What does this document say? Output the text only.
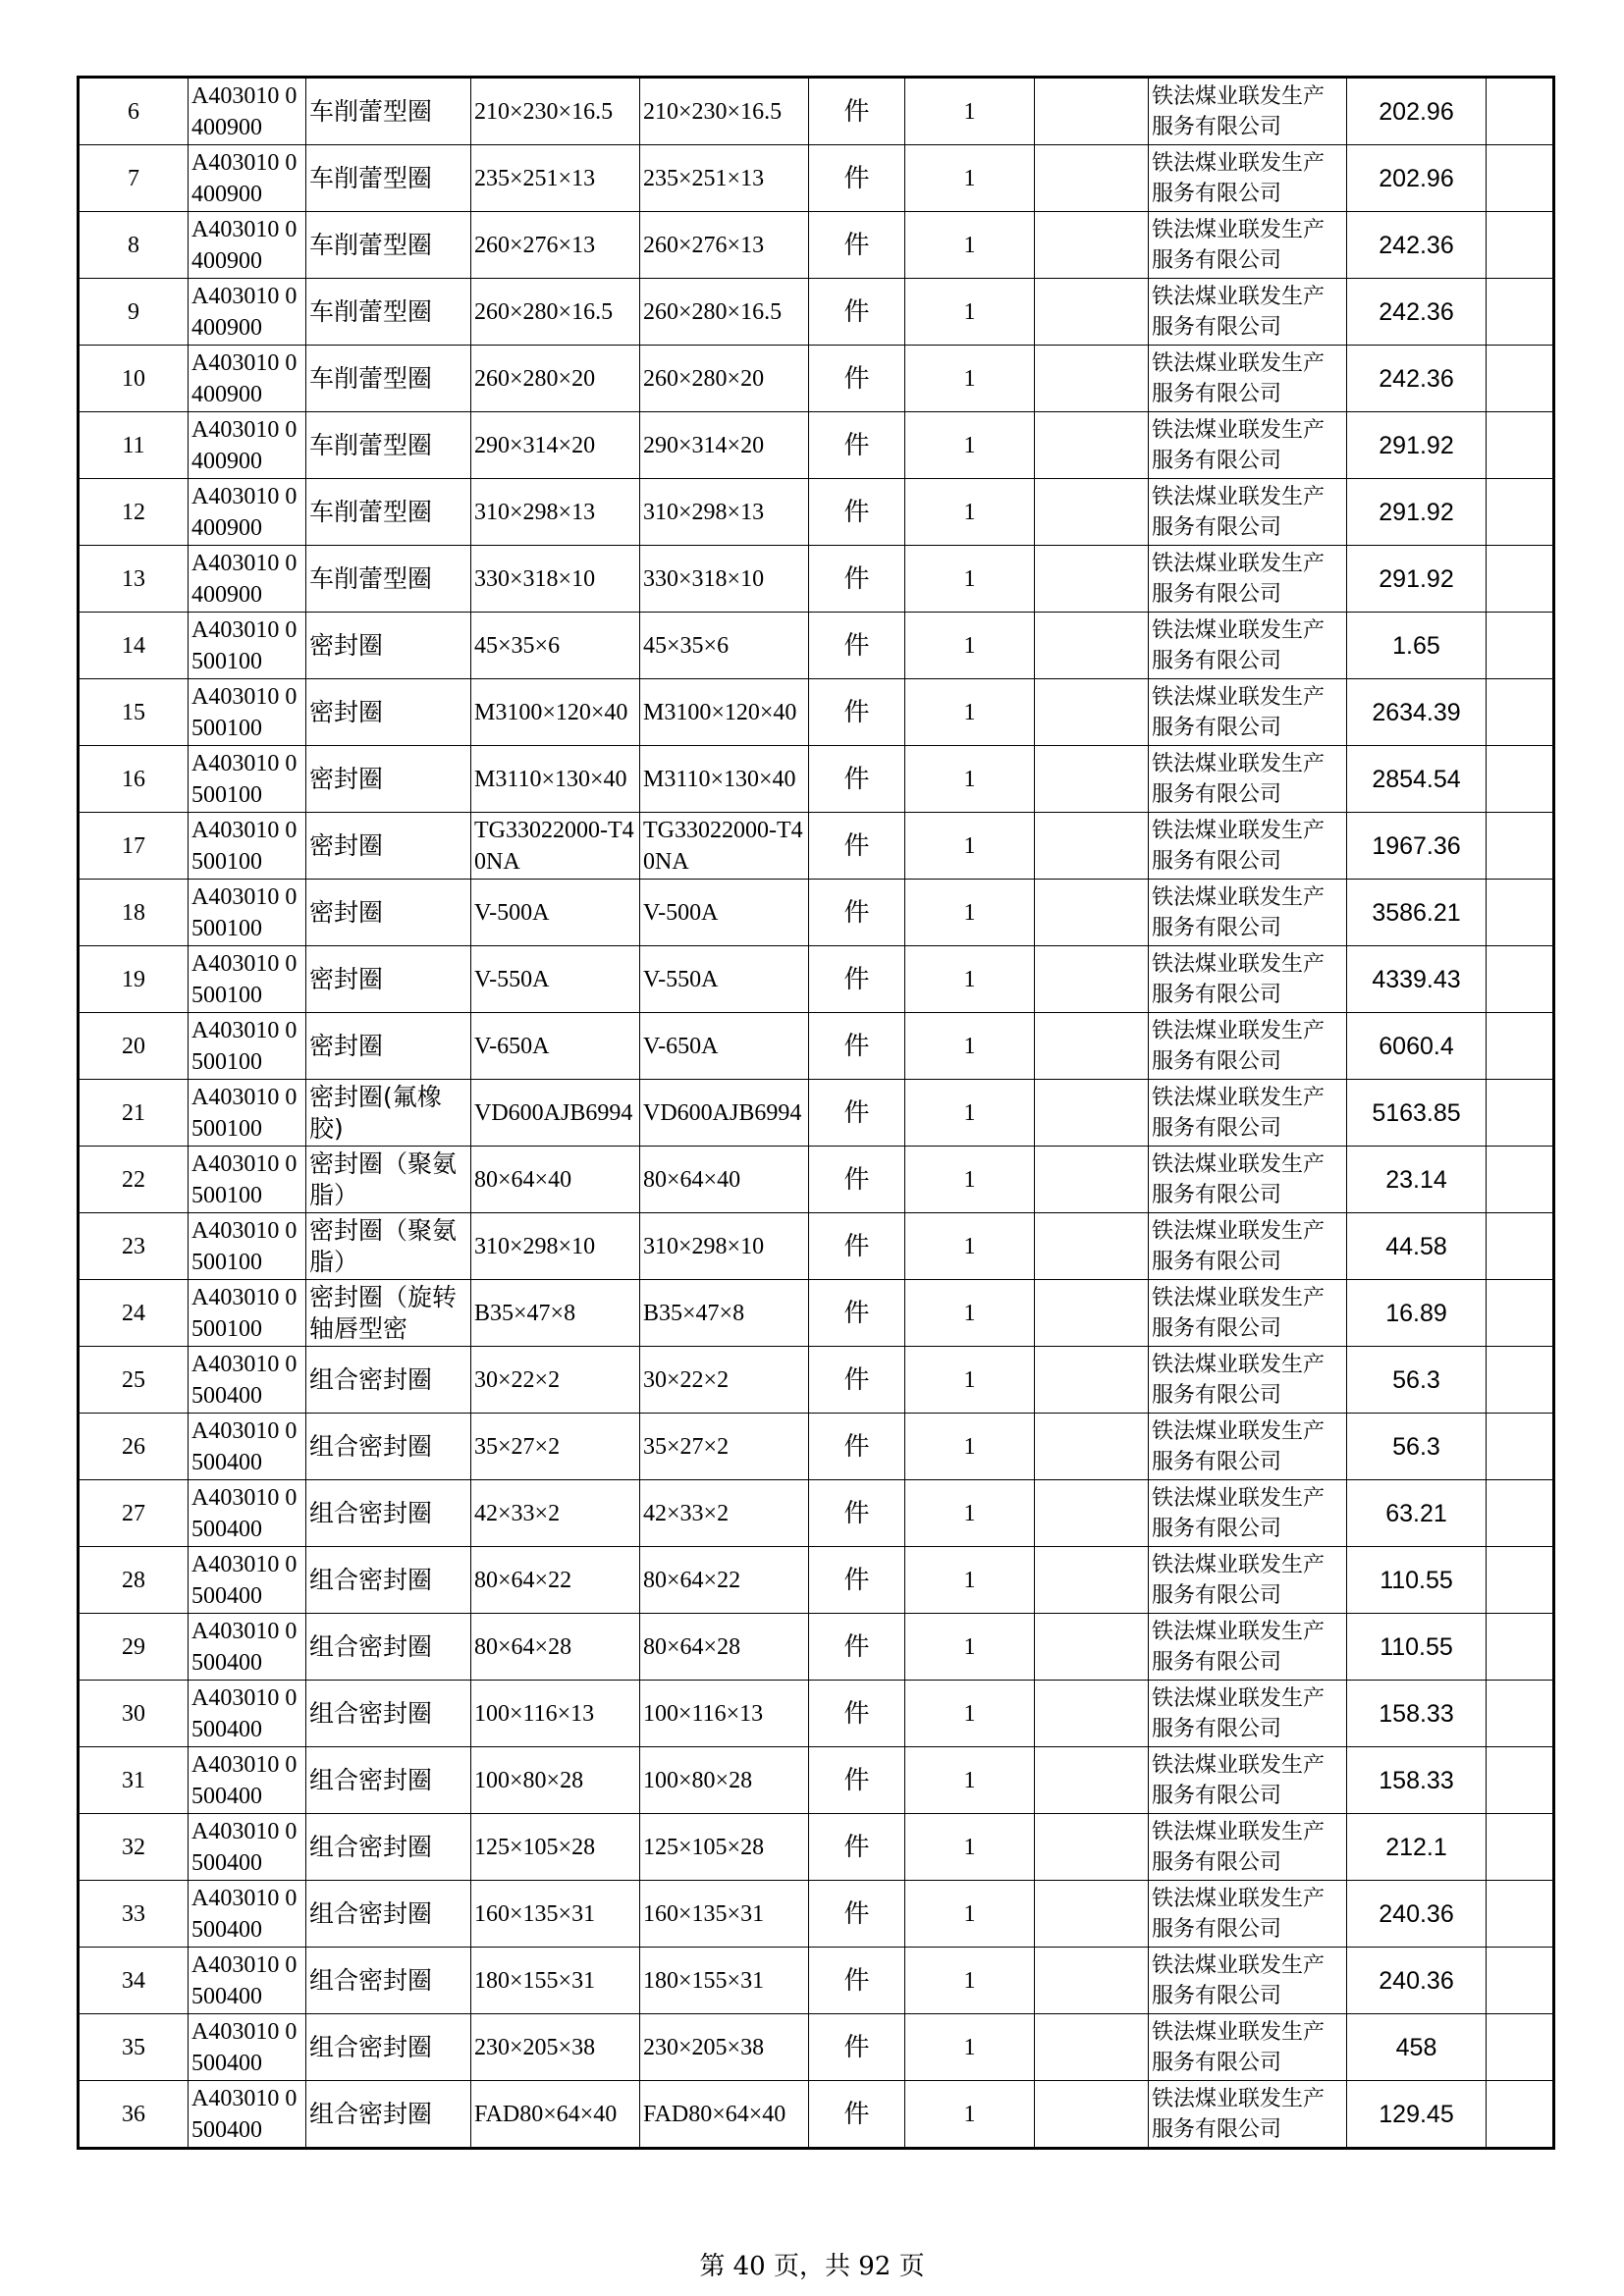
6	A403010 0400900	车削蕾型圈	210×230×16.5	210×230×16.5	件	1		铁法煤业联发生产服务有限公司	202.96	
7	A403010 0400900	车削蕾型圈	235×251×13	235×251×13	件	1		铁法煤业联发生产服务有限公司	202.96	
8	A403010 0400900	车削蕾型圈	260×276×13	260×276×13	件	1		铁法煤业联发生产服务有限公司	242.36	
9	A403010 0400900	车削蕾型圈	260×280×16.5	260×280×16.5	件	1		铁法煤业联发生产服务有限公司	242.36	
10	A403010 0400900	车削蕾型圈	260×280×20	260×280×20	件	1		铁法煤业联发生产服务有限公司	242.36	
11	A403010 0400900	车削蕾型圈	290×314×20	290×314×20	件	1		铁法煤业联发生产服务有限公司	291.92	
12	A403010 0400900	车削蕾型圈	310×298×13	310×298×13	件	1		铁法煤业联发生产服务有限公司	291.92	
13	A403010 0400900	车削蕾型圈	330×318×10	330×318×10	件	1		铁法煤业联发生产服务有限公司	291.92	
14	A403010 0500100	密封圈	45×35×6	45×35×6	件	1		铁法煤业联发生产服务有限公司	1.65	
15	A403010 0500100	密封圈	M3100×120×40	M3100×120×40	件	1		铁法煤业联发生产服务有限公司	2634.39	
16	A403010 0500100	密封圈	M3110×130×40	M3110×130×40	件	1		铁法煤业联发生产服务有限公司	2854.54	
17	A403010 0500100	密封圈	TG33022000-T40NA	TG33022000-T40NA	件	1		铁法煤业联发生产服务有限公司	1967.36	
18	A403010 0500100	密封圈	V-500A	V-500A	件	1		铁法煤业联发生产服务有限公司	3586.21	
19	A403010 0500100	密封圈	V-550A	V-550A	件	1		铁法煤业联发生产服务有限公司	4339.43	
20	A403010 0500100	密封圈	V-650A	V-650A	件	1		铁法煤业联发生产服务有限公司	6060.4	
21	A403010 0500100	密封圈(氟橡胶)	VD600AJB6994	VD600AJB6994	件	1		铁法煤业联发生产服务有限公司	5163.85	
22	A403010 0500100	密封圈（聚氨脂）	80×64×40	80×64×40	件	1		铁法煤业联发生产服务有限公司	23.14	
23	A403010 0500100	密封圈（聚氨脂）	310×298×10	310×298×10	件	1		铁法煤业联发生产服务有限公司	44.58	
24	A403010 0500100	密封圈（旋转轴唇型密	B35×47×8	B35×47×8	件	1		铁法煤业联发生产服务有限公司	16.89	
25	A403010 0500400	组合密封圈	30×22×2	30×22×2	件	1		铁法煤业联发生产服务有限公司	56.3	
26	A403010 0500400	组合密封圈	35×27×2	35×27×2	件	1		铁法煤业联发生产服务有限公司	56.3	
27	A403010 0500400	组合密封圈	42×33×2	42×33×2	件	1		铁法煤业联发生产服务有限公司	63.21	
28	A403010 0500400	组合密封圈	80×64×22	80×64×22	件	1		铁法煤业联发生产服务有限公司	110.55	
29	A403010 0500400	组合密封圈	80×64×28	80×64×28	件	1		铁法煤业联发生产服务有限公司	110.55	
30	A403010 0500400	组合密封圈	100×116×13	100×116×13	件	1		铁法煤业联发生产服务有限公司	158.33	
31	A403010 0500400	组合密封圈	100×80×28	100×80×28	件	1		铁法煤业联发生产服务有限公司	158.33	
32	A403010 0500400	组合密封圈	125×105×28	125×105×28	件	1		铁法煤业联发生产服务有限公司	212.1	
33	A403010 0500400	组合密封圈	160×135×31	160×135×31	件	1		铁法煤业联发生产服务有限公司	240.36	
34	A403010 0500400	组合密封圈	180×155×31	180×155×31	件	1		铁法煤业联发生产服务有限公司	240.36	
35	A403010 0500400	组合密封圈	230×205×38	230×205×38	件	1		铁法煤业联发生产服务有限公司	458	
36	A403010 0500400	组合密封圈	FAD80×64×40	FAD80×64×40	件	1		铁法煤业联发生产服务有限公司	129.45	
第 40 页，共 92 页
